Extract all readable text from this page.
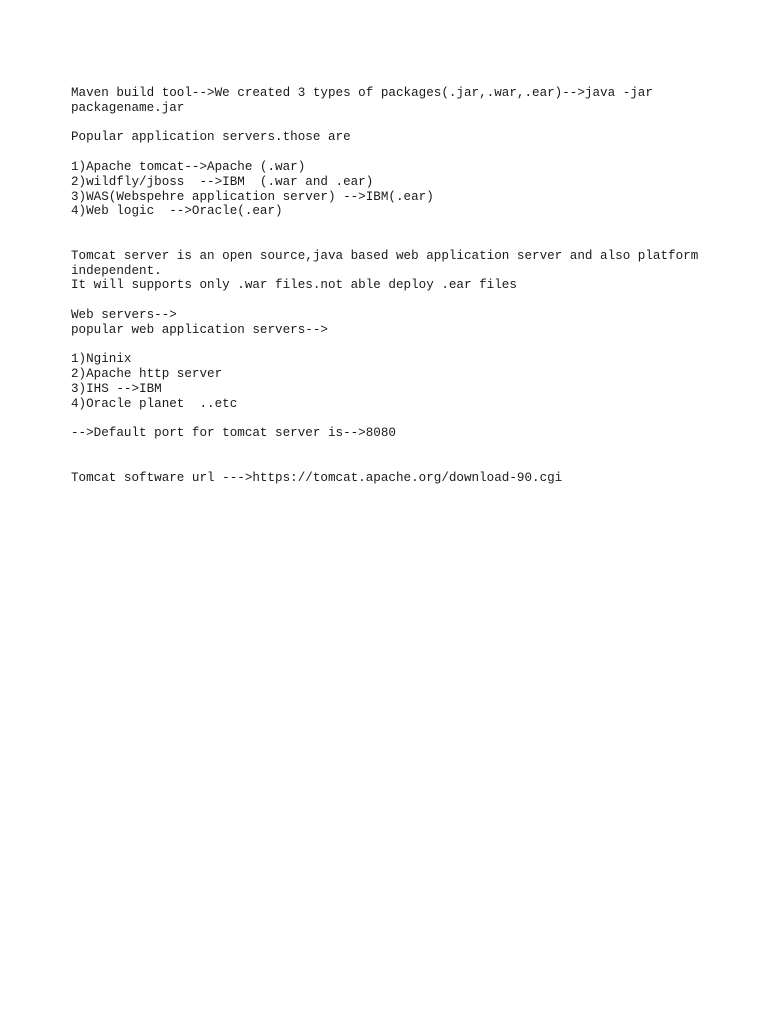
Maven build tool-->We created 3 types of packages(.jar,.war,.ear)-->java -jar
packagename.jar
Popular application servers.those are
1)Apache tomcat-->Apache (.war)
2)wildfly/jboss  -->IBM  (.war and .ear)
3)WAS(Webspehre application server) -->IBM(.ear)
4)Web logic  -->Oracle(.ear)
Tomcat server is an open source,java based web application server and also platform
independent.
It will supports only .war files.not able deploy .ear files
Web servers-->
popular web application servers-->
1)Nginix
2)Apache http server
3)IHS -->IBM
4)Oracle planet  ..etc
-->Default port for tomcat server is-->8080
Tomcat software url --->https://tomcat.apache.org/download-90.cgi
